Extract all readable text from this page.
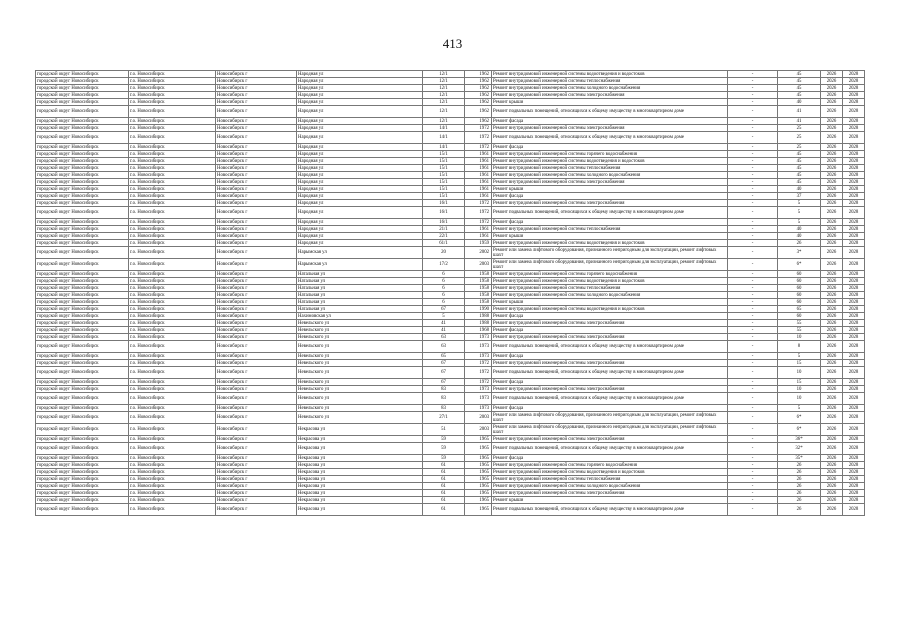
413
городской округ Новосибирск	г.о. Новосибирск	Новосибирск г	Народная ул	12/1	1962	Ремонт внутридомовой инженерной системы водоотведения и водостоков	-	45	2026	2028
городской округ Новосибирск	г.о. Новосибирск	Новосибирск г	Народная ул	12/1	1962	Ремонт внутридомовой инженерной системы теплоснабжения	-	45	2026	2028
городской округ Новосибирск	г.о. Новосибирск	Новосибирск г	Народная ул	12/1	1962	Ремонт внутридомовой инженерной системы холодного водоснабжения	-	45	2026	2028
городской округ Новосибирск	г.о. Новосибирск	Новосибирск г	Народная ул	12/1	1962	Ремонт внутридомовой инженерной системы электроснабжения	-	45	2026	2028
городской округ Новосибирск	г.о. Новосибирск	Новосибирск г	Народная ул	12/1	1962	Ремонт крыши	-	40	2026	2028
городской округ Новосибирск	г.о. Новосибирск	Новосибирск г	Народная ул	12/1	1962	Ремонт подвальных помещений, относящихся к общему имуществу в многоквартирном доме	-	41	2026	2028
городской округ Новосибирск	г.о. Новосибирск	Новосибирск г	Народная ул	12/1	1962	Ремонт фасада	-	41	2026	2028
городской округ Новосибирск	г.о. Новосибирск	Новосибирск г	Народная ул	14/1	1972	Ремонт внутридомовой инженерной системы электроснабжения	-	25	2026	2028
городской округ Новосибирск	г.о. Новосибирск	Новосибирск г	Народная ул	14/1	1972	Ремонт подвальных помещений, относящихся к общему имуществу в многоквартирном доме	-	25	2026	2028
городской округ Новосибирск	г.о. Новосибирск	Новосибирск г	Народная ул	14/1	1972	Ремонт фасада	-	25	2026	2028
городской округ Новосибирск	г.о. Новосибирск	Новосибирск г	Народная ул	15/1	1961	Ремонт внутридомовой инженерной системы горячего водоснабжения	-	45	2026	2028
городской округ Новосибирск	г.о. Новосибирск	Новосибирск г	Народная ул	15/1	1961	Ремонт внутридомовой инженерной системы водоотведения и водостоков	-	45	2026	2028
городской округ Новосибирск	г.о. Новосибирск	Новосибирск г	Народная ул	15/1	1961	Ремонт внутридомовой инженерной системы теплоснабжения	-	45	2026	2028
городской округ Новосибирск	г.о. Новосибирск	Новосибирск г	Народная ул	15/1	1961	Ремонт внутридомовой инженерной системы холодного водоснабжения	-	45	2026	2028
городской округ Новосибирск	г.о. Новосибирск	Новосибирск г	Народная ул	15/1	1961	Ремонт внутридомовой инженерной системы электроснабжения	-	45	2026	2028
городской округ Новосибирск	г.о. Новосибирск	Новосибирск г	Народная ул	15/1	1961	Ремонт крыши	-	40	2026	2028
городской округ Новосибирск	г.о. Новосибирск	Новосибирск г	Народная ул	15/1	1961	Ремонт фасада	-	37	2026	2028
городской округ Новосибирск	г.о. Новосибирск	Новосибирск г	Народная ул	16/1	1972	Ремонт внутридомовой инженерной системы электроснабжения	-	5	2026	2028
городской округ Новосибирск	г.о. Новосибирск	Новосибирск г	Народная ул	16/1	1972	Ремонт подвальных помещений, относящихся к общему имуществу в многоквартирном доме	-	5	2026	2028
городской округ Новосибирск	г.о. Новосибирск	Новосибирск г	Народная ул	16/1	1972	Ремонт фасада	-	5	2026	2028
городской округ Новосибирск	г.о. Новосибирск	Новосибирск г	Народная ул	21/1	1961	Ремонт внутридомовой инженерной системы теплоснабжения	-	40	2026	2028
городской округ Новосибирск	г.о. Новосибирск	Новосибирск г	Народная ул	22/1	1961	Ремонт крыши	-	40	2026	2028
городской округ Новосибирск	г.о. Новосибирск	Новосибирск г	Народная ул	61/1	1959	Ремонт внутридомовой инженерной системы водоотведения и водостоков	-	26	2026	2028
городской округ Новосибирск	г.о. Новосибирск	Новосибирск г	Нарымская ул	20	2002	Ремонт или замена лифтового оборудования, признанного непригодным для эксплуатации, ремонт лифтовых шахт	-	3*	2026	2028
городской округ Новосибирск	г.о. Новосибирск	Новосибирск г	Нарымская ул	17/2	2003	Ремонт или замена лифтового оборудования, признанного непригодным для эксплуатации, ремонт лифтовых шахт	-	6*	2026	2028
городской округ Новосибирск	г.о. Новосибирск	Новосибирск г	Натальная ул	6	1958	Ремонт внутридомовой инженерной системы горячего водоснабжения	-	60	2026	2028
городской округ Новосибирск	г.о. Новосибирск	Новосибирск г	Натальная ул	6	1958	Ремонт внутридомовой инженерной системы водоотведения и водостоков	-	60	2026	2028
городской округ Новосибирск	г.о. Новосибирск	Новосибирск г	Натальная ул	6	1958	Ремонт внутридомовой инженерной системы теплоснабжения	-	60	2026	2028
городской округ Новосибирск	г.о. Новосибирск	Новосибирск г	Натальная ул	6	1958	Ремонт внутридомовой инженерной системы холодного водоснабжения	-	60	2026	2028
городской округ Новосибирск	г.о. Новосибирск	Новосибирск г	Натальная ул	6	1958	Ремонт крыши	-	60	2026	2028
городской округ Новосибирск	г.о. Новосибирск	Новосибирск г	Натальная ул	67	1990	Ремонт внутридомовой инженерной системы водоотведения и водостоков	-	65	2026	2028
городской округ Новосибирск	г.о. Новосибирск	Новосибирск г	Нахимовская ул	5	1988	Ремонт фасада	-	60	2026	2028
городской округ Новосибирск	г.о. Новосибирск	Новосибирск г	Невельского ул	41	1988	Ремонт внутридомовой инженерной системы электроснабжения	-	55	2026	2028
городской округ Новосибирск	г.о. Новосибирск	Новосибирск г	Невельского ул	41	1968	Ремонт фасада	-	55	2026	2028
городской округ Новосибирск	г.о. Новосибирск	Новосибирск г	Невельского ул	63	1973	Ремонт внутридомовой инженерной системы электроснабжения	-	10	2026	2028
городской округ Новосибирск	г.о. Новосибирск	Новосибирск г	Невельского ул	63	1973	Ремонт подвальных помещений, относящихся к общему имуществу в многоквартирном доме	-	8	2026	2028
городской округ Новосибирск	г.о. Новосибирск	Новосибирск г	Невельского ул	65	1973	Ремонт фасада	-	5	2026	2028
городской округ Новосибирск	г.о. Новосибирск	Новосибирск г	Невельского ул	67	1972	Ремонт внутридомовой инженерной системы электроснабжения	-	15	2026	2028
городской округ Новосибирск	г.о. Новосибирск	Новосибирск г	Невельского ул	67	1972	Ремонт подвальных помещений, относящихся к общему имуществу в многоквартирном доме	-	10	2026	2028
городской округ Новосибирск	г.о. Новосибирск	Новосибирск г	Невельского ул	67	1972	Ремонт фасада	-	15	2026	2028
городской округ Новосибирск	г.о. Новосибирск	Новосибирск г	Невельского ул	83	1973	Ремонт внутридомовой инженерной системы электроснабжения	-	10	2026	2028
городской округ Новосибирск	г.о. Новосибирск	Новосибирск г	Невельского ул	83	1973	Ремонт подвальных помещений, относящихся к общему имуществу в многоквартирном доме	-	10	2026	2028
городской округ Новосибирск	г.о. Новосибирск	Новосибирск г	Невельского ул	83	1973	Ремонт фасада	-	5	2026	2028
городской округ Новосибирск	г.о. Новосибирск	Новосибирск г	Невельского ул	27/1	2003	Ремонт или замена лифтового оборудования, признанного непригодным для эксплуатации, ремонт лифтовых шахт	-	6*	2026	2028
городской округ Новосибирск	г.о. Новосибирск	Новосибирск г	Некрасова ул	51	2003	Ремонт или замена лифтового оборудования, признанного непригодным для эксплуатации, ремонт лифтовых шахт	-	6*	2026	2028
городской округ Новосибирск	г.о. Новосибирск	Новосибирск г	Некрасова ул	59	1965	Ремонт внутридомовой инженерной системы электроснабжения	-	36*	2026	2028
городской округ Новосибирск	г.о. Новосибирск	Новосибирск г	Некрасова ул	59	1965	Ремонт подвальных помещений, относящихся к общему имуществу в многоквартирном доме	-	32*	2026	2028
городской округ Новосибирск	г.о. Новосибирск	Новосибирск г	Некрасова ул	59	1965	Ремонт фасада	-	35*	2026	2028
городской округ Новосибирск	г.о. Новосибирск	Новосибирск г	Некрасова ул	61	1965	Ремонт внутридомовой инженерной системы горячего водоснабжения	-	26	2026	2028
городской округ Новосибирск	г.о. Новосибирск	Новосибирск г	Некрасова ул	61	1965	Ремонт внутридомовой инженерной системы водоотведения и водостоков	-	26	2026	2028
городской округ Новосибирск	г.о. Новосибирск	Новосибирск г	Некрасова ул	61	1965	Ремонт внутридомовой инженерной системы теплоснабжения	-	26	2026	2028
городской округ Новосибирск	г.о. Новосибирск	Новосибирск г	Некрасова ул	61	1965	Ремонт внутридомовой инженерной системы холодного водоснабжения	-	26	2026	2028
городской округ Новосибирск	г.о. Новосибирск	Новосибирск г	Некрасова ул	61	1965	Ремонт внутридомовой инженерной системы электроснабжения	-	26	2026	2028
городской округ Новосибирск	г.о. Новосибирск	Новосибирск г	Некрасова ул	61	1965	Ремонт крыши	-	26	2026	2028
городской округ Новосибирск	г.о. Новосибирск	Новосибирск г	Некрасова ул	61	1965	Ремонт подвальных помещений, относящихся к общему имуществу в многоквартирном доме	-	26	2026	2028
